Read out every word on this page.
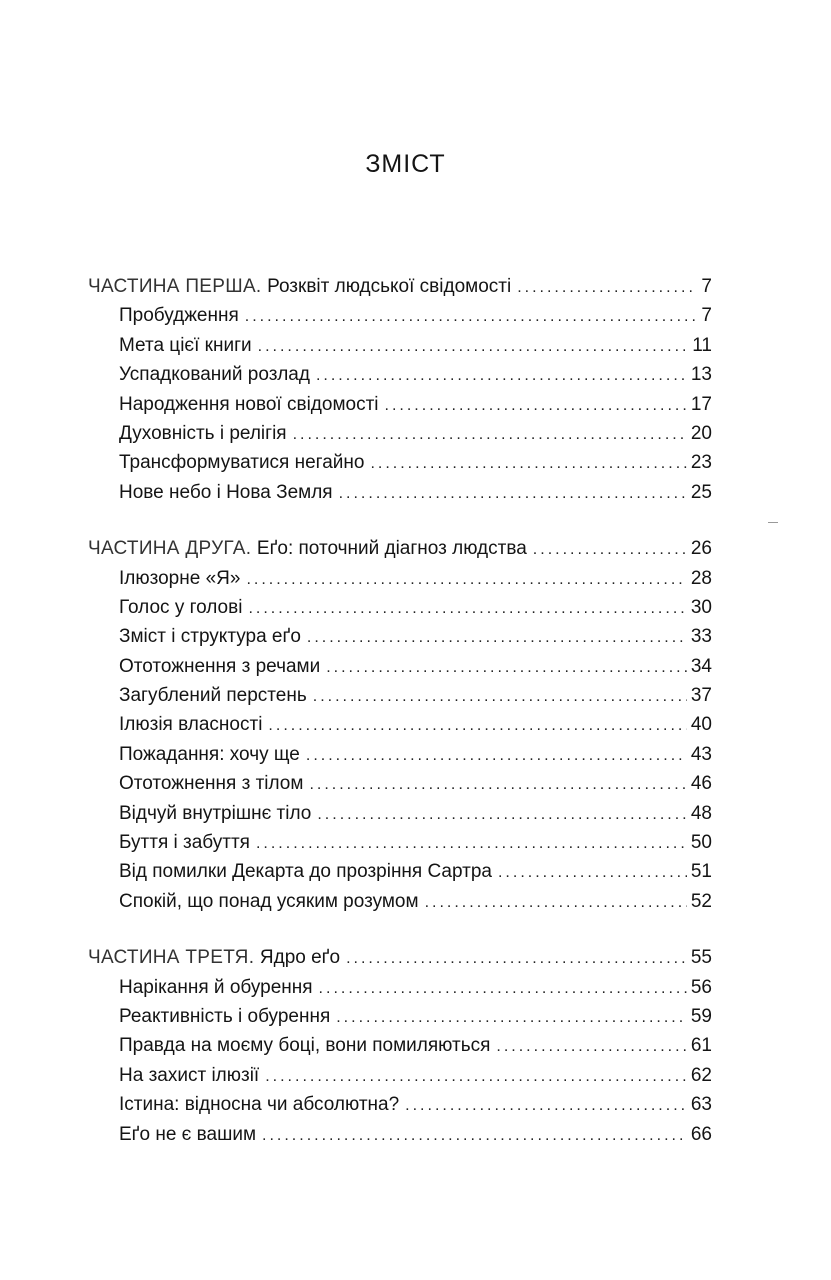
ЗМІСТ
ЧАСТИНА ПЕРША. Розквіт людської свідомості .....	7
Пробудження .....	7
Мета цієї книги .....	11
Успадкований розлад .....	13
Народження нової свідомості .....	17
Духовність і релігія .....	20
Трансформуватися негайно .....	23
Нове небо і Нова Земля .....	25
ЧАСТИНА ДРУГА. Еґо: поточний діагноз людства .....	26
Ілюзорне «Я» .....	28
Голос у голові .....	30
Зміст і структура еґо .....	33
Ототожнення з речами .....	34
Загублений перстень .....	37
Ілюзія власності .....	40
Пожадання: хочу ще .....	43
Ототожнення з тілом .....	46
Відчуй внутрішнє тіло .....	48
Буття і забуття .....	50
Від помилки Декарта до прозріння Сартра .....	51
Спокій, що понад усяким розумом .....	52
ЧАСТИНА ТРЕТЯ. Ядро еґо .....	55
Нарікання й обурення .....	56
Реактивність і обурення .....	59
Правда на моєму боці, вони помиляються .....	61
На захист ілюзії .....	62
Істина: відносна чи абсолютна? .....	63
Еґо не є вашим .....	66
